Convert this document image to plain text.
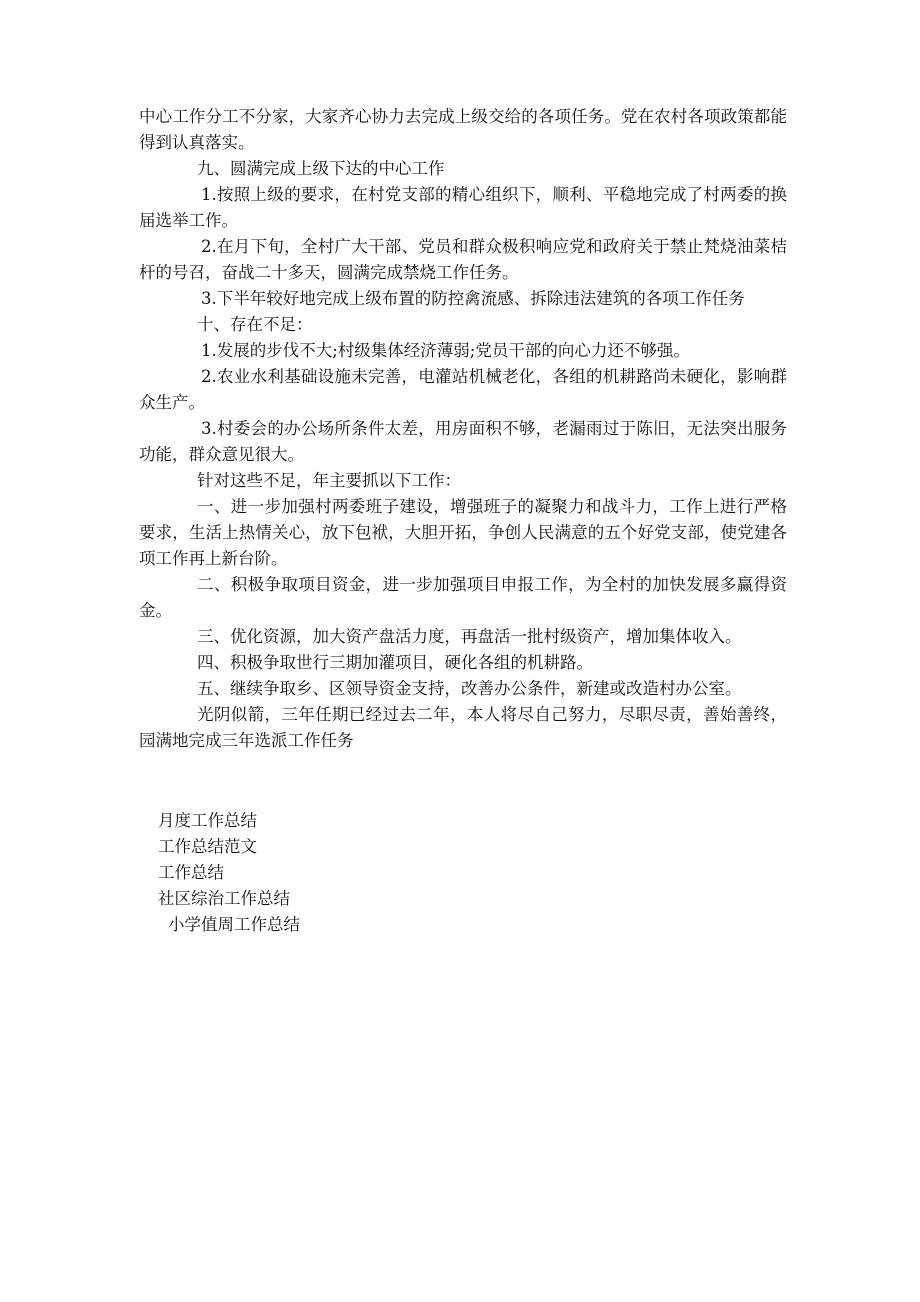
中心工作分工不分家，大家齐心协力去完成上级交给的各项任务。党在农村各项政策都能得到认真落实。

九、圆满完成上级下达的中心工作

1.按照上级的要求，在村党支部的精心组织下，顺利、平稳地完成了村两委的换届选举工作。

2.在月下旬，全村广大干部、党员和群众极积响应党和政府关于禁止梵烧油菜桔杆的号召，奋战二十多天，圆满完成禁烧工作任务。

3.下半年较好地完成上级布置的防控禽流感、拆除违法建筑的各项工作任务

十、存在不足：

1.发展的步伐不大;村级集体经济薄弱;党员干部的向心力还不够强。

2.农业水利基础设施未完善，电灌站机械老化，各组的机耕路尚未硬化，影响群众生产。

3.村委会的办公场所条件太差，用房面积不够，老漏雨过于陈旧，无法突出服务功能，群众意见很大。

针对这些不足，年主要抓以下工作：

一、进一步加强村两委班子建设，增强班子的凝聚力和战斗力，工作上进行严格要求，生活上热情关心，放下包袱，大胆开拓，争创人民满意的五个好党支部，使党建各项工作再上新台阶。

二、积极争取项目资金，进一步加强项目申报工作，为全村的加快发展多赢得资金。

三、优化资源，加大资产盘活力度，再盘活一批村级资产，增加集体收入。

四、积极争取世行三期加灌项目，硬化各组的机耕路。

五、继续争取乡、区领导资金支持，改善办公条件，新建或改造村办公室。

光阴似箭，三年任期已经过去二年，本人将尽自己努力，尽职尽责，善始善终，园满地完成三年选派工作任务

月度工作总结
工作总结范文
工作总结
社区综治工作总结
小学值周工作总结
